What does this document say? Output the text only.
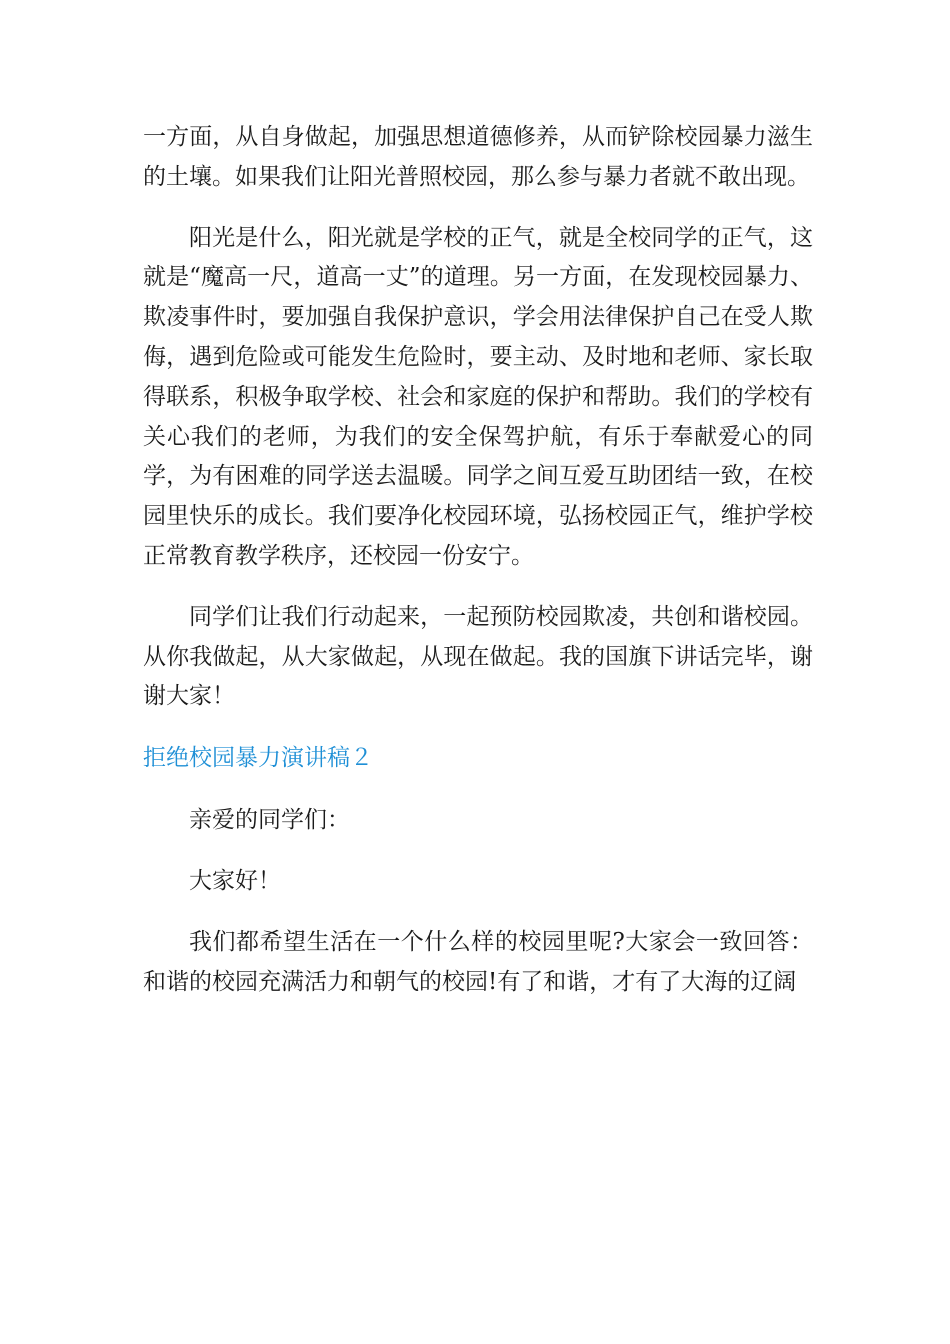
一方面，从自身做起，加强思想道德修养，从而铲除校园暴力滋生的土壤。如果我们让阳光普照校园，那么参与暴力者就不敢出现。

阳光是什么，阳光就是学校的正气，就是全校同学的正气，这就是“魔高一尺，道高一丈”的道理。另一方面，在发现校园暴力、欺凌事件时，要加强自我保护意识，学会用法律保护自己在受人欺侮，遇到危险或可能发生危险时，要主动、及时地和老师、家长取得联系，积极争取学校、社会和家庭的保护和帮助。我们的学校有关心我们的老师，为我们的安全保驾护航，有乐于奉献爱心的同学，为有困难的同学送去温暖。同学之间互爱互助团结一致，在校园里快乐的成长。我们要净化校园环境，弘扬校园正气，维护学校正常教育教学秩序，还校园一份安宁。

同学们让我们行动起来，一起预防校园欺凌，共创和谐校园。从你我做起，从大家做起，从现在做起。我的国旗下讲话完毕，谢谢大家！

拒绝校园暴力演讲稿２

亲爱的同学们：

大家好！

我们都希望生活在一个什么样的校园里呢?大家会一致回答：和谐的校园充满活力和朝气的校园!有了和谐，才有了大海的辽阔
